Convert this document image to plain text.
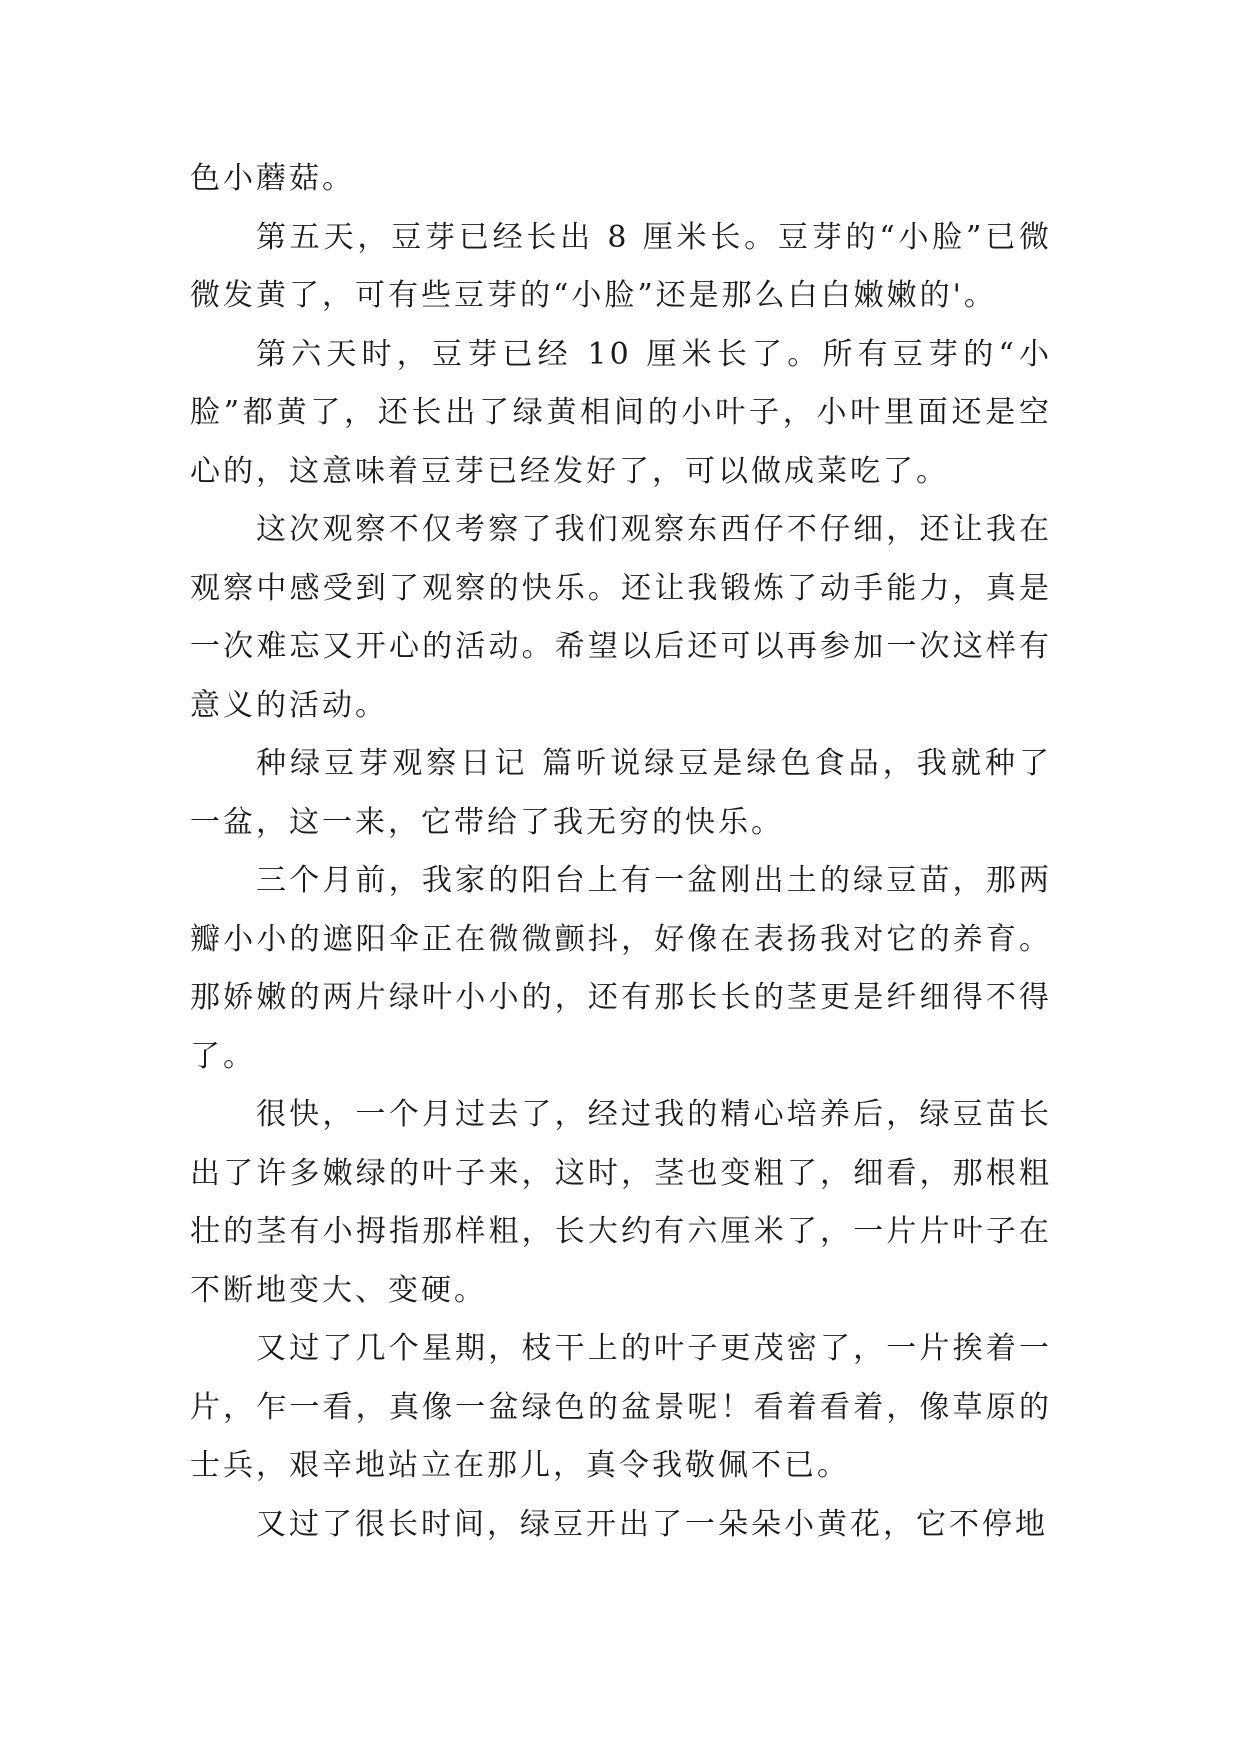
色小蘑菇。

第五天，豆芽已经长出 8 厘米长。豆芽的“小脸”已微微发黄了，可有些豆芽的“小脸”还是那么白白嫩嫩的'。

第六天时，豆芽已经 10 厘米长了。所有豆芽的“小脸”都黄了，还长出了绿黄相间的小叶子，小叶里面还是空心的，这意味着豆芽已经发好了，可以做成菜吃了。

这次观察不仅考察了我们观察东西仔不仔细，还让我在观察中感受到了观察的快乐。还让我锻炼了动手能力，真是一次难忘又开心的活动。希望以后还可以再参加一次这样有意义的活动。

种绿豆芽观察日记 篇听说绿豆是绿色食品，我就种了一盆，这一来，它带给了我无穷的快乐。

三个月前，我家的阳台上有一盆刚出土的绿豆苗，那两瓣小小的遮阳伞正在微微颤抖，好像在表扬我对它的养育。那娇嫩的两片绿叶小小的，还有那长长的茎更是纤细得不得了。

很快，一个月过去了，经过我的精心培养后，绿豆苗长出了许多嫩绿的叶子来，这时，茎也变粗了，细看，那根粗壮的茎有小拇指那样粗，长大约有六厘米了，一片片叶子在不断地变大、变硬。

又过了几个星期，枝干上的叶子更茂密了，一片挨着一片，乍一看，真像一盆绿色的盆景呢！看着看着，像草原的士兵，艰辛地站立在那儿，真令我敬佩不已。

又过了很长时间，绿豆开出了一朵朵小黄花，它不停地
